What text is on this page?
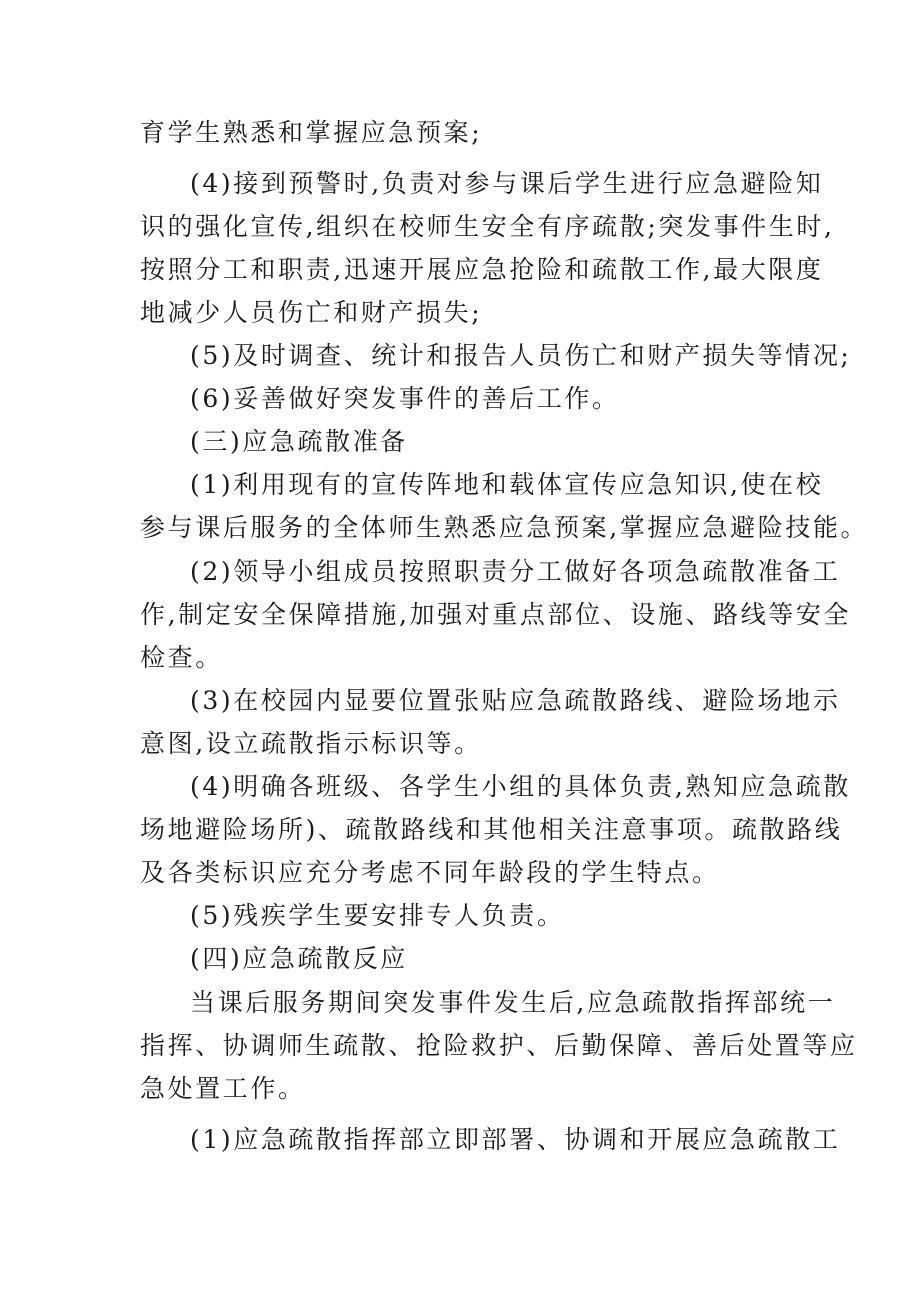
育学生熟悉和掌握应急预案;
(4)接到预警时,负责对参与课后学生进行应急避险知
识的强化宣传,组织在校师生安全有序疏散;突发事件生时,
按照分工和职责,迅速开展应急抢险和疏散工作,最大限度
地减少人员伤亡和财产损失;
(5)及时调查、统计和报告人员伤亡和财产损失等情况;
(6)妥善做好突发事件的善后工作。
(三)应急疏散准备
(1)利用现有的宣传阵地和载体宣传应急知识,使在校
参与课后服务的全体师生熟悉应急预案,掌握应急避险技能。
(2)领导小组成员按照职责分工做好各项急疏散准备工
作,制定安全保障措施,加强对重点部位、设施、路线等安全
检查。
(3)在校园内显要位置张贴应急疏散路线、避险场地示
意图,设立疏散指示标识等。
(4)明确各班级、各学生小组的具体负责,熟知应急疏散
场地避险场所)、疏散路线和其他相关注意事项。疏散路线
及各类标识应充分考虑不同年龄段的学生特点。
(5)残疾学生要安排专人负责。
(四)应急疏散反应
当课后服务期间突发事件发生后,应急疏散指挥部统一
指挥、协调师生疏散、抢险救护、后勤保障、善后处置等应
急处置工作。
(1)应急疏散指挥部立即部署、协调和开展应急疏散工
